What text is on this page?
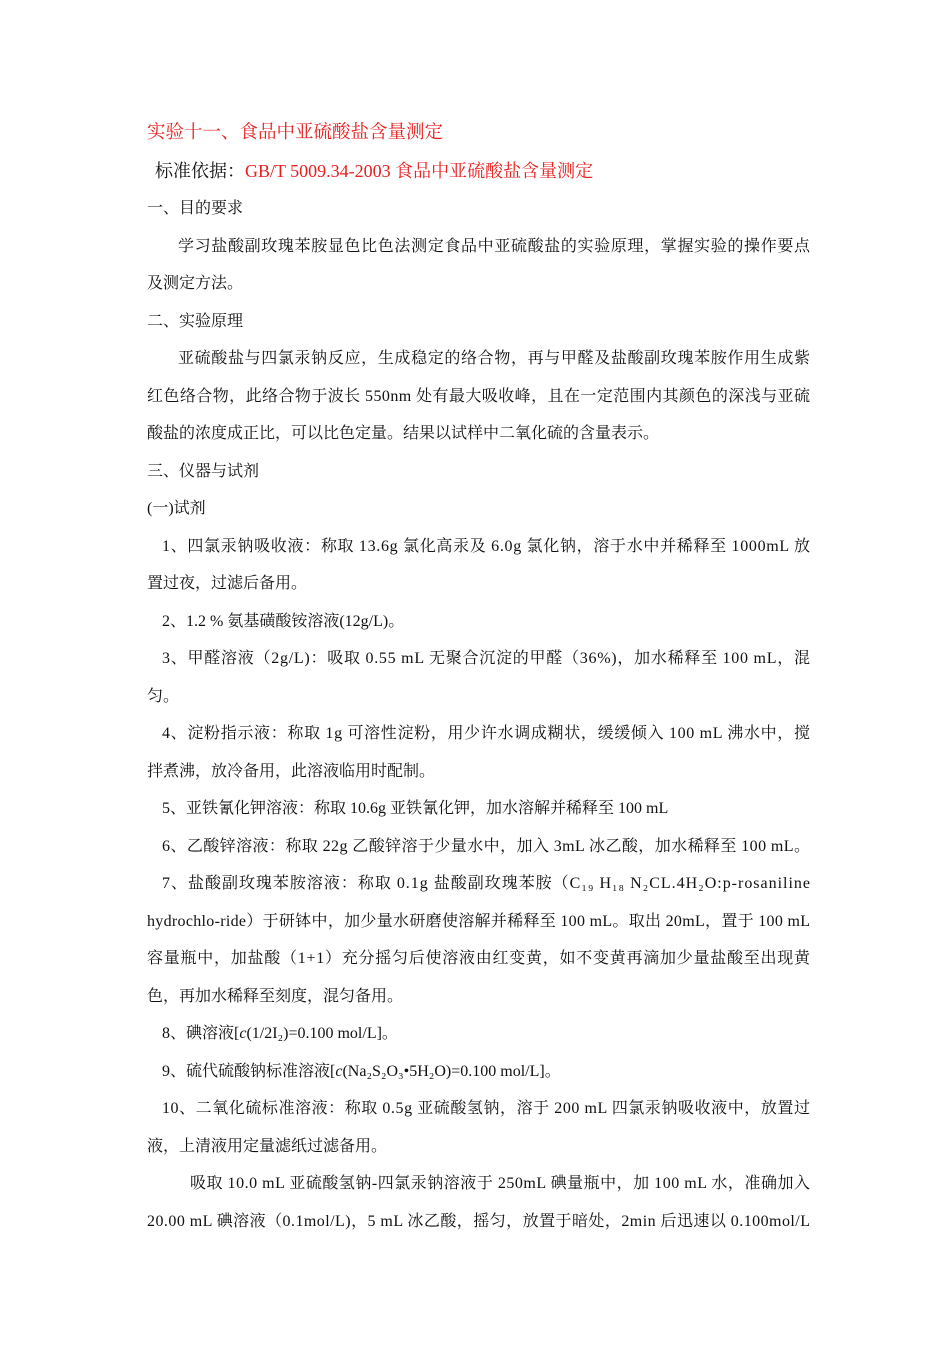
实验十一、食品中亚硫酸盐含量测定
标准依据：GB/T 5009.34-2003 食品中亚硫酸盐含量测定
一、目的要求
学习盐酸副玫瑰苯胺显色比色法测定食品中亚硫酸盐的实验原理，掌握实验的操作要点
及测定方法。
二、实验原理
亚硫酸盐与四氯汞钠反应，生成稳定的络合物，再与甲醛及盐酸副玫瑰苯胺作用生成紫
红色络合物，此络合物于波长 550nm 处有最大吸收峰，且在一定范围内其颜色的深浅与亚硫
酸盐的浓度成正比，可以比色定量。结果以试样中二氧化硫的含量表示。
三、仪器与试剂
(一)试剂
1、四氯汞钠吸收液：称取 13.6g 氯化高汞及 6.0g 氯化钠，溶于水中并稀释至 1000mL 放
置过夜，过滤后备用。
2、1.2 % 氨基磺酸铵溶液(12g/L)。
3、甲醛溶液（2g/L)：吸取 0.55 mL 无聚合沉淀的甲醛（36%)，加水稀释至 100 mL，混
匀。
4、淀粉指示液：称取 1g 可溶性淀粉，用少许水调成糊状，缓缓倾入 100 mL 沸水中，搅
拌煮沸，放冷备用，此溶液临用时配制。
5、亚铁氰化钾溶液：称取 10.6g 亚铁氰化钾，加水溶解并稀释至 100 mL
6、乙酸锌溶液：称取 22g 乙酸锌溶于少量水中，加入 3mL 冰乙酸，加水稀释至 100 mL。
7、盐酸副玫瑰苯胺溶液：称取 0.1g 盐酸副玫瑰苯胺（C₁₉ H₁₈ N₂CL.4H₂O:p-rosaniline
hydrochlo-ride）于研钵中，加少量水研磨使溶解并稀释至 100 mL。取出 20mL，置于 100 mL
容量瓶中，加盐酸（1+1）充分摇匀后使溶液由红变黄，如不变黄再滴加少量盐酸至出现黄
色，再加水稀释至刻度，混匀备用。
8、碘溶液[c(1/2I₂)=0.100 mol/L]。
9、硫代硫酸钠标准溶液[c(Na₂S₂O₃•5H₂O)=0.100 mol/L]。
10、二氧化硫标准溶液：称取 0.5g 亚硫酸氢钠，溶于 200 mL 四氯汞钠吸收液中，放置过
液，上清液用定量滤纸过滤备用。
吸取 10.0 mL 亚硫酸氢钠-四氯汞钠溶液于 250mL 碘量瓶中，加 100 mL 水，准确加入
20.00 mL 碘溶液（0.1mol/L)，5 mL 冰乙酸，摇匀，放置于暗处，2min 后迅速以 0.100mol/L
